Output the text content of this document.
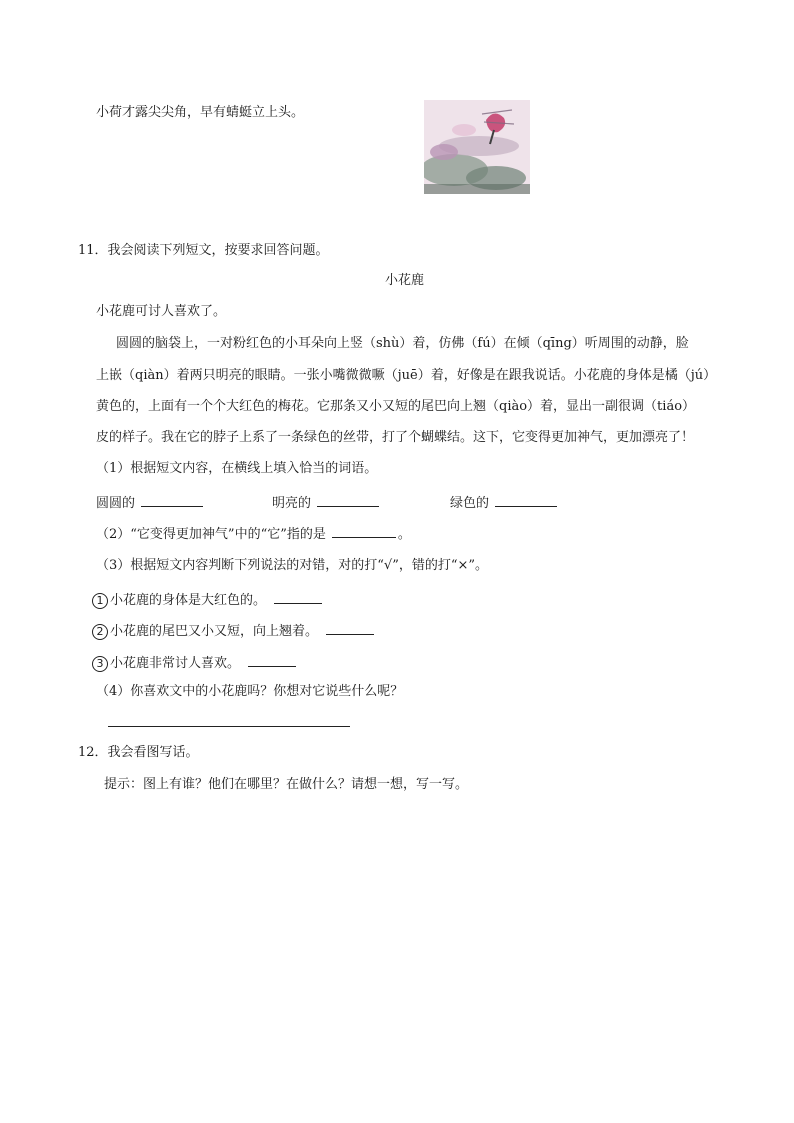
小荷才露尖尖角，早有蜻蜓立上头。
11．我会阅读下列短文，按要求回答问题。
小花鹿
小花鹿可讨人喜欢了。
圆圆的脑袋上，一对粉红色的小耳朵向上竖（shù）着，仿佛（fú）在倾（qīng）听周围的动静，脸
上嵌（qiàn）着两只明亮的眼睛。一张小嘴微微噘（juē）着，好像是在跟我说话。小花鹿的身体是橘（jú）
黄色的，上面有一个个大红色的梅花。它那条又小又短的尾巴向上翘（qiào）着，显出一副很调（tiáo）
皮的样子。我在它的脖子上系了一条绿色的丝带，打了个蝴蝶结。这下，它变得更加神气，更加漂亮了！
（1）根据短文内容，在横线上填入恰当的词语。
圆圆的	明亮的	绿色的
（2）“它变得更加神气”中的“它”指的是	。
（3）根据短文内容判断下列说法的对错，对的打“√”，错的打“×”。
1 小花鹿的身体是大红色的。
2 小花鹿的尾巴又小又短，向上翘着。
3 小花鹿非常讨人喜欢。
（4）你喜欢文中的小花鹿吗？你想对它说些什么呢？
12．我会看图写话。
提示：图上有谁？他们在哪里？在做什么？请想一想，写一写。
